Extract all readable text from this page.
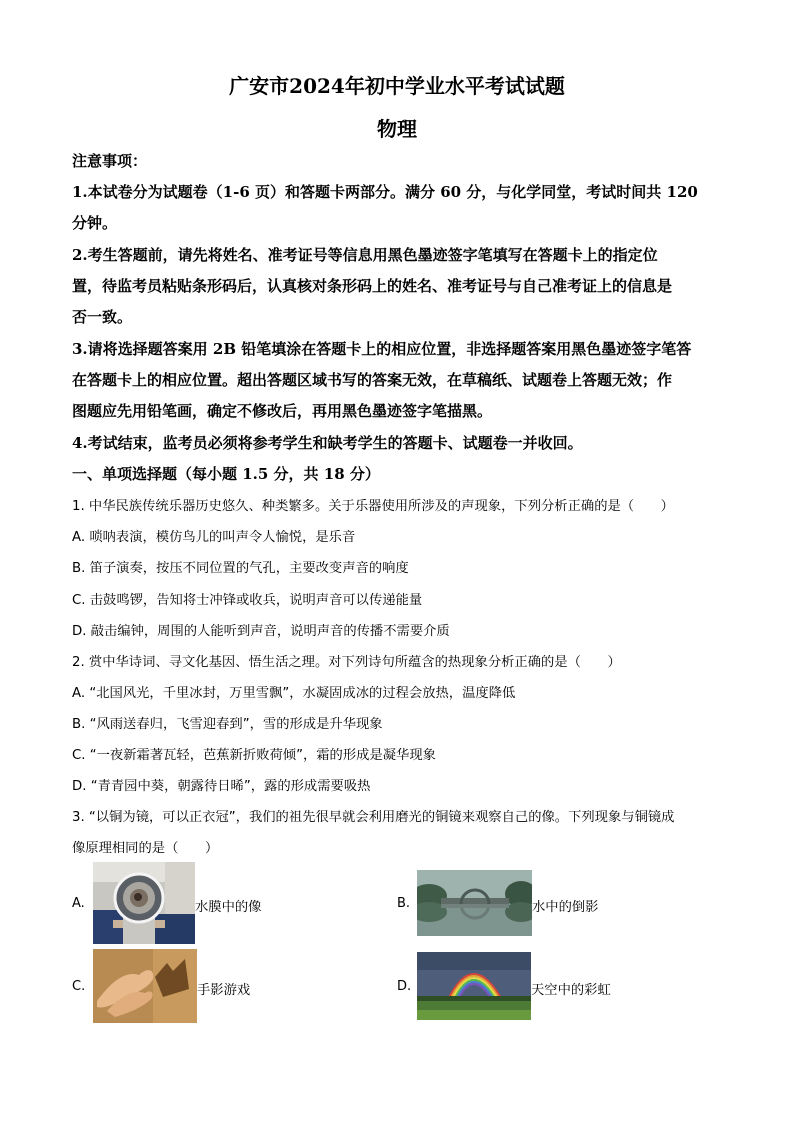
广安市2024年初中学业水平考试试题
物理
注意事项：
1.本试卷分为试题卷（1-6 页）和答题卡两部分。满分 60 分，与化学同堂，考试时间共 120
分钟。
2.考生答题前，请先将姓名、准考证号等信息用黑色墨迹签字笔填写在答题卡上的指定位
置，待监考员粘贴条形码后，认真核对条形码上的姓名、准考证号与自己准考证上的信息是
否一致。
3.请将选择题答案用 2B 铅笔填涂在答题卡上的相应位置，非选择题答案用黑色墨迹签字笔答
在答题卡上的相应位置。超出答题区域书写的答案无效，在草稿纸、试题卷上答题无效；作
图题应先用铅笔画，确定不修改后，再用黑色墨迹签字笔描黑。
4.考试结束，监考员必须将参考学生和缺考学生的答题卡、试题卷一并收回。
一、单项选择题（每小题 1.5 分，共 18 分）
1. 中华民族传统乐器历史悠久、种类繁多。关于乐器使用所涉及的声现象，下列分析正确的是（　　）
A. 唢呐表演，模仿鸟儿的叫声令人愉悦，是乐音
B. 笛子演奏，按压不同位置的气孔，主要改变声音的响度
C. 击鼓鸣锣，告知将士冲锋或收兵，说明声音可以传递能量
D. 敲击编钟，周围的人能听到声音，说明声音的传播不需要介质
2. 赏中华诗词、寻文化基因、悟生活之理。对下列诗句所蕴含的热现象分析正确的是（　　）
A. “北国风光，千里冰封，万里雪飘”，水凝固成冰的过程会放热，温度降低
B. “风雨送春归，飞雪迎春到”，雪的形成是升华现象
C. “一夜新霜著瓦轻，芭蕉新折败荷倾”，霜的形成是凝华现象
D. “青青园中葵，朝露待日晞”，露的形成需要吸热
3. “以铜为镜，可以正衣冠”，我们的祖先很早就会利用磨光的铜镜来观察自己的像。下列现象与铜镜成
像原理相同的是（　　）
A.	水膜中的像	B.	水中的倒影
C.	手影游戏	D.	天空中的彩虹
